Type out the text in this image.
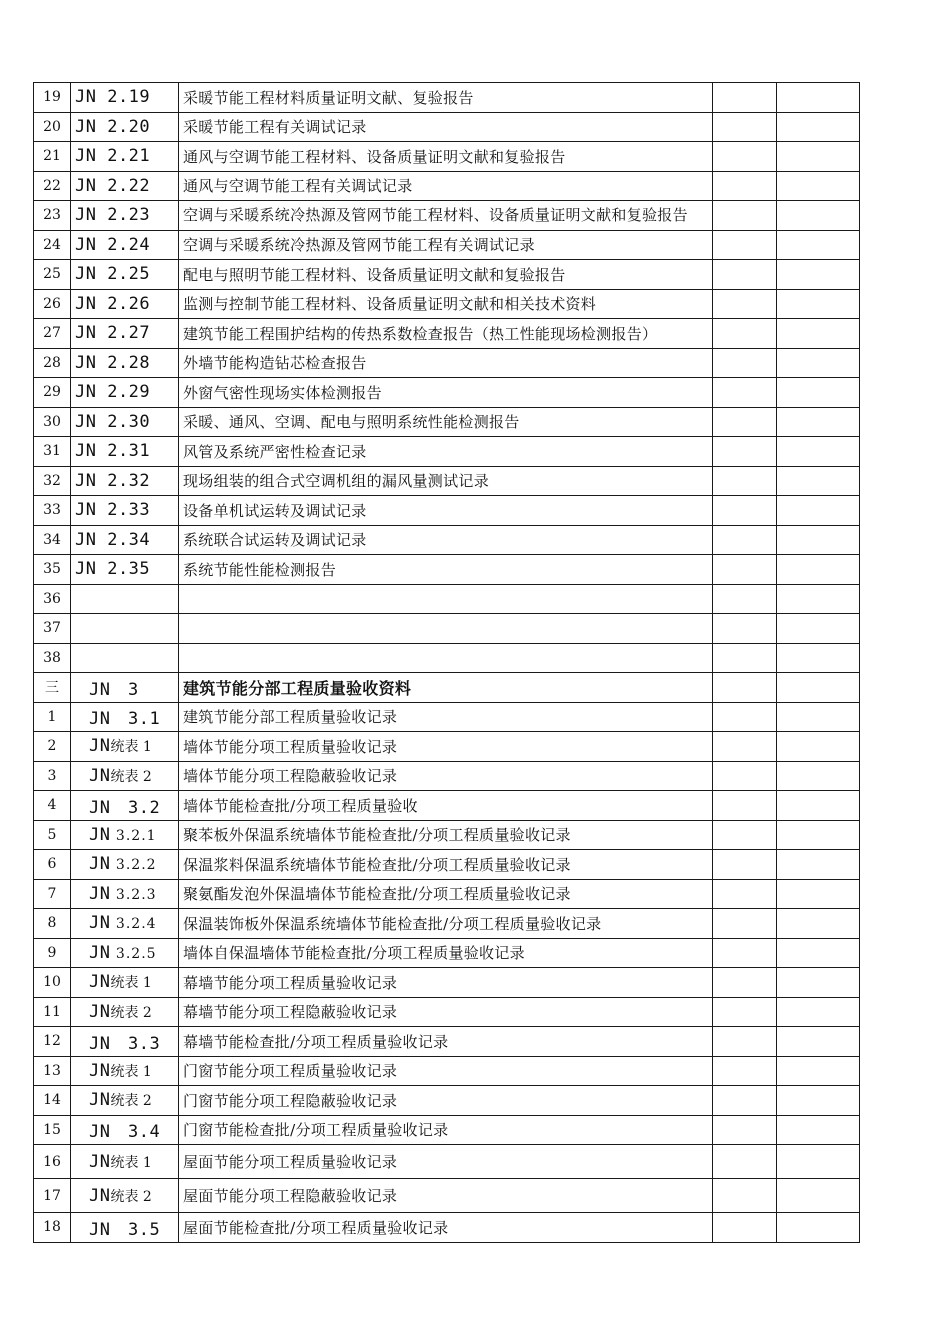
19	JN 2.19	采暖节能工程材料质量证明文献、复验报告		
20	JN 2.20	采暖节能工程有关调试记录		
21	JN 2.21	通风与空调节能工程材料、设备质量证明文献和复验报告		
22	JN 2.22	通风与空调节能工程有关调试记录		
23	JN 2.23	空调与采暖系统冷热源及管网节能工程材料、设备质量证明文献和复验报告		
24	JN 2.24	空调与采暖系统冷热源及管网节能工程有关调试记录		
25	JN 2.25	配电与照明节能工程材料、设备质量证明文献和复验报告		
26	JN 2.26	监测与控制节能工程材料、设备质量证明文献和相关技术资料		
27	JN 2.27	建筑节能工程围护结构的传热系数检查报告（热工性能现场检测报告）		
28	JN 2.28	外墙节能构造钻芯检查报告		
29	JN 2.29	外窗气密性现场实体检测报告		
30	JN 2.30	采暖、通风、空调、配电与照明系统性能检测报告		
31	JN 2.31	风管及系统严密性检查记录		
32	JN 2.32	现场组装的组合式空调机组的漏风量测试记录		
33	JN 2.33	设备单机试运转及调试记录		
34	JN 2.34	系统联合试运转及调试记录		
35	JN 2.35	系统节能性能检测报告		
36				
37				
38				
三	JN　3	建筑节能分部工程质量验收资料		
1	JN　3.1	建筑节能分部工程质量验收记录		
2	JN统表 1	墙体节能分项工程质量验收记录		
3	JN统表 2	墙体节能分项工程隐蔽验收记录		
4	JN　3.2	墙体节能检查批/分项工程质量验收		
5	JN 3.2.1	聚苯板外保温系统墙体节能检查批/分项工程质量验收记录		
6	JN 3.2.2	保温浆料保温系统墙体节能检查批/分项工程质量验收记录		
7	JN 3.2.3	聚氨酯发泡外保温墙体节能检查批/分项工程质量验收记录		
8	JN 3.2.4	保温装饰板外保温系统墙体节能检查批/分项工程质量验收记录		
9	JN 3.2.5	墙体自保温墙体节能检查批/分项工程质量验收记录		
10	JN统表 1	幕墙节能分项工程质量验收记录		
11	JN统表 2	幕墙节能分项工程隐蔽验收记录		
12	JN　3.3	幕墙节能检查批/分项工程质量验收记录		
13	JN统表 1	门窗节能分项工程质量验收记录		
14	JN统表 2	门窗节能分项工程隐蔽验收记录		
15	JN　3.4	门窗节能检查批/分项工程质量验收记录		
16	JN统表 1	屋面节能分项工程质量验收记录		
17	JN统表 2	屋面节能分项工程隐蔽验收记录		
18	JN　3.5	屋面节能检查批/分项工程质量验收记录		
